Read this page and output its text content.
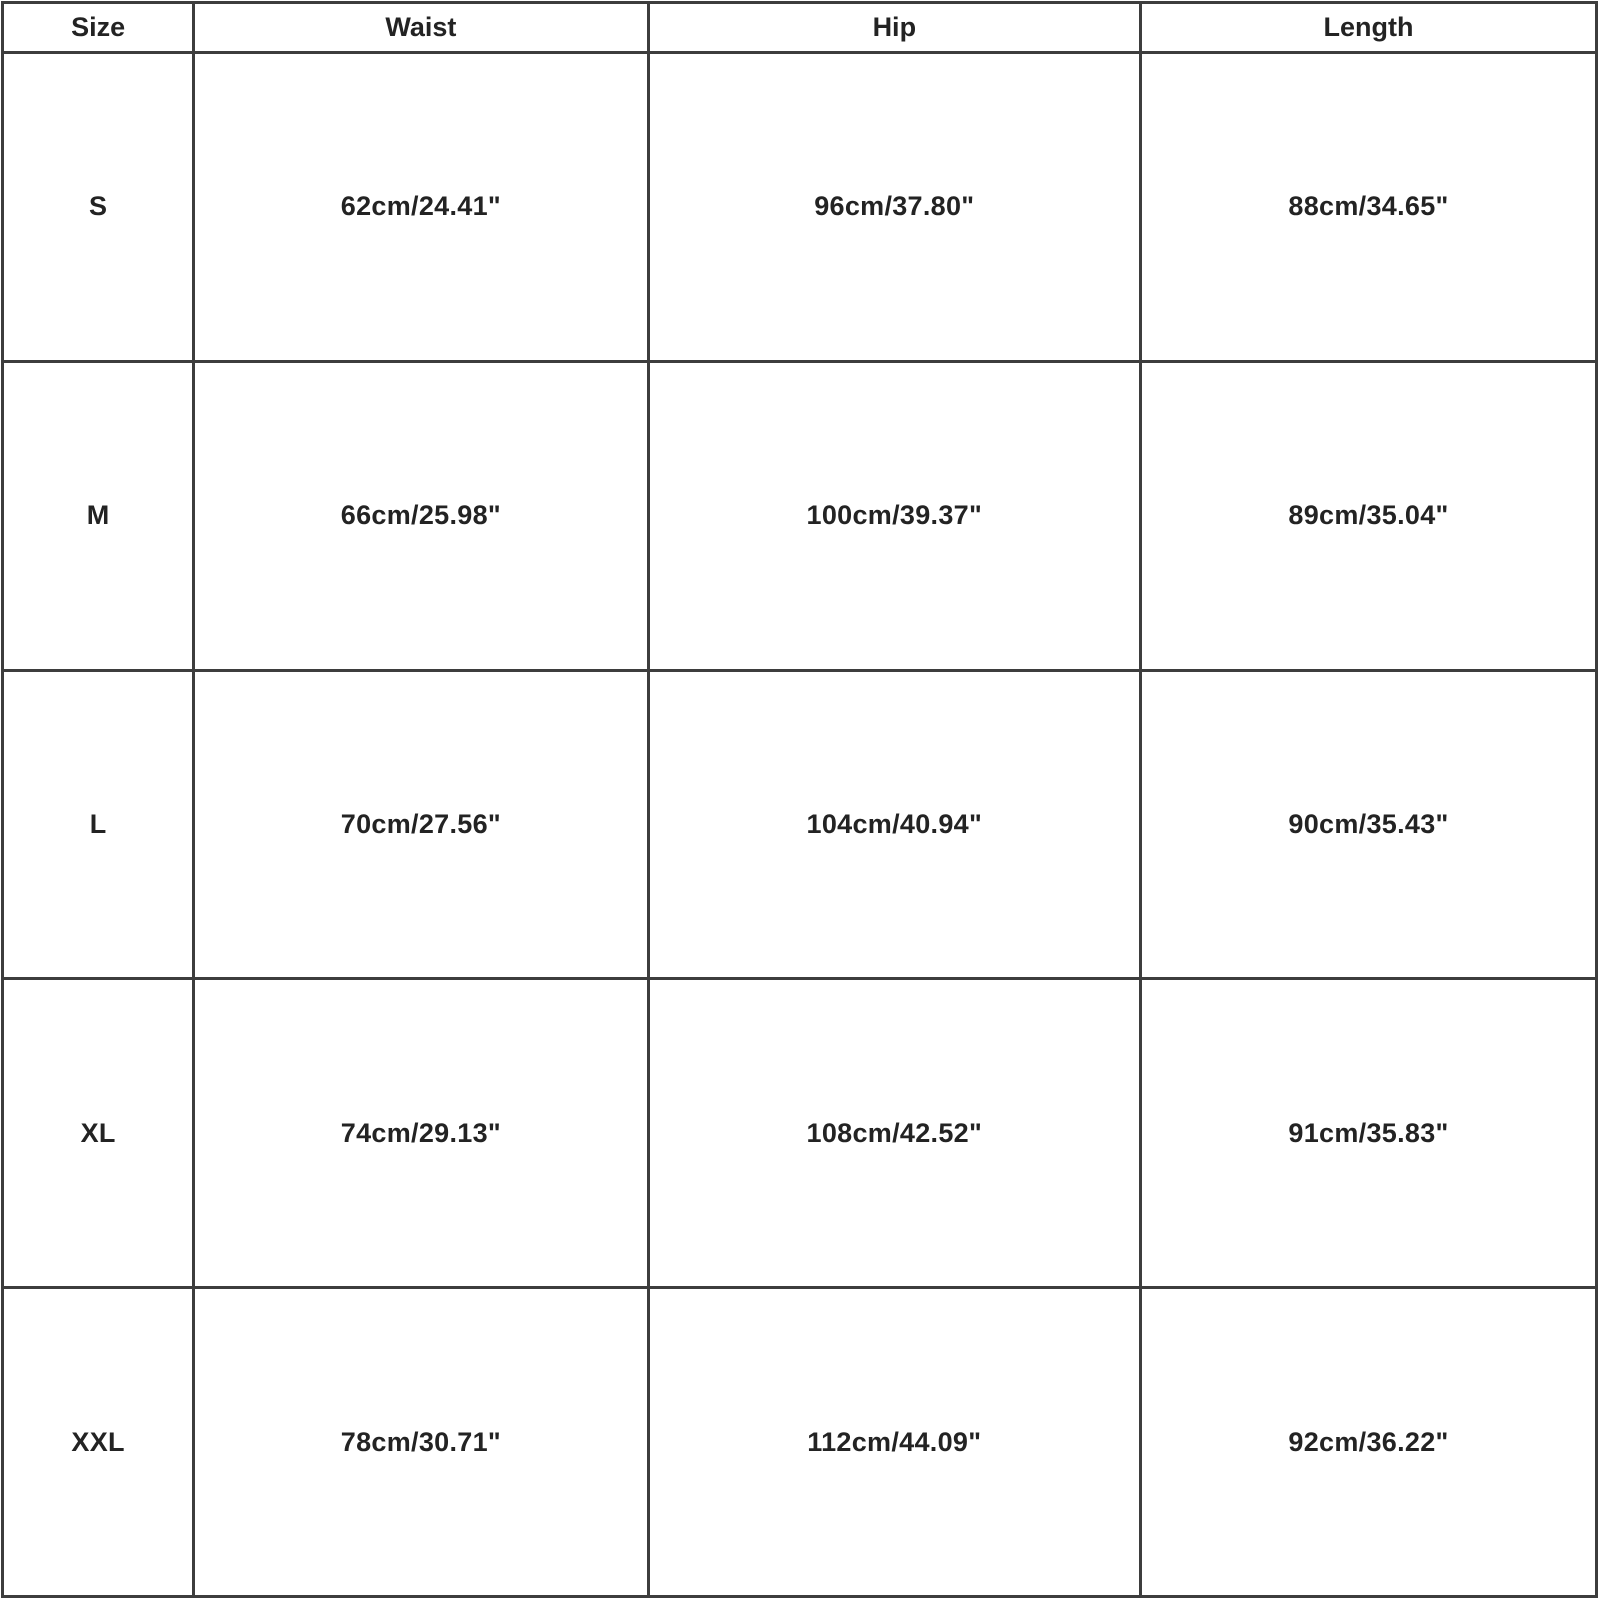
Size	Waist	Hip	Length
S	62cm/24.41"	96cm/37.80"	88cm/34.65"
M	66cm/25.98"	100cm/39.37"	89cm/35.04"
L	70cm/27.56"	104cm/40.94"	90cm/35.43"
XL	74cm/29.13"	108cm/42.52"	91cm/35.83"
XXL	78cm/30.71"	112cm/44.09"	92cm/36.22"
